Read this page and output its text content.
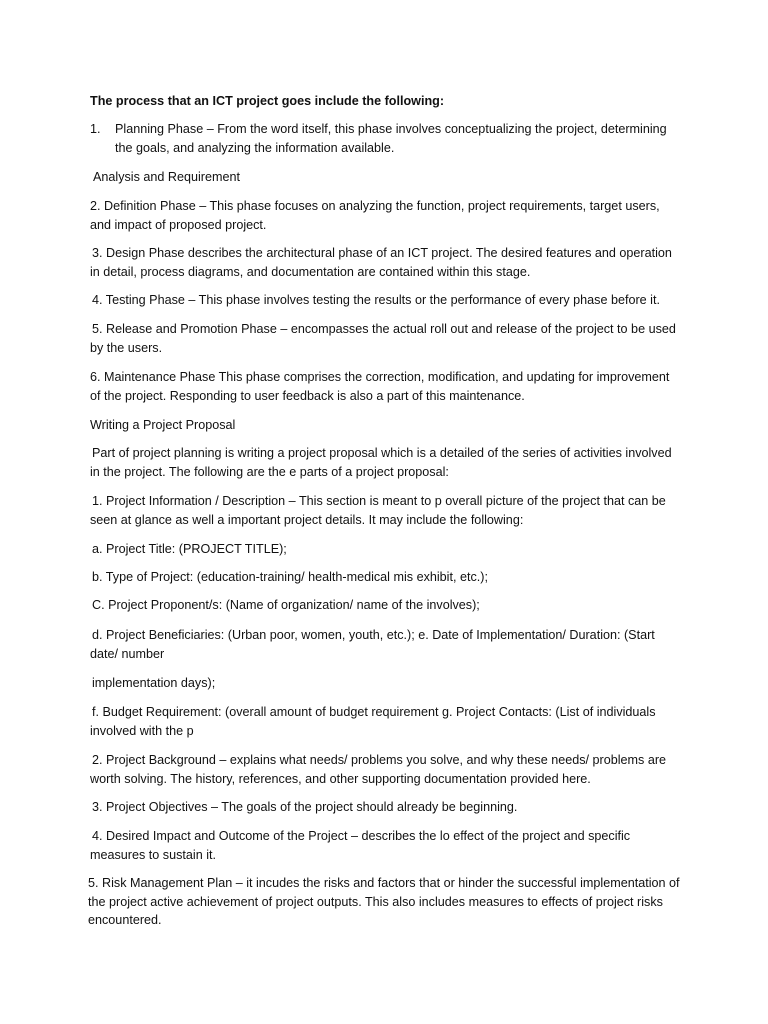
The process that an ICT project goes include the following:

1. Planning Phase – From the word itself, this phase involves conceptualizing the project, determining the goals, and analyzing the information available.

Analysis and Requirement

2. Definition Phase – This phase focuses on analyzing the function, project requirements, target users, and impact of proposed project.

3. Design Phase describes the architectural phase of an ICT project. The desired features and operation in detail, process diagrams, and documentation are contained within this stage.

4. Testing Phase – This phase involves testing the results or the performance of every phase before it.

5. Release and Promotion Phase – encompasses the actual roll out and release of the project to be used by the users.

6. Maintenance Phase This phase comprises the correction, modification, and updating for improvement of the project. Responding to user feedback is also a part of this maintenance.

Writing a Project Proposal

Part of project planning is writing a project proposal which is a detailed of the series of activities involved in the project. The following are the e parts of a project proposal:

1. Project Information / Description – This section is meant to p overall picture of the project that can be seen at glance as well a important project details. It may include the following:

a. Project Title: (PROJECT TITLE);

b. Type of Project: (education-training/ health-medical mis exhibit, etc.);

C. Project Proponent/s: (Name of organization/ name of the involves);

d. Project Beneficiaries: (Urban poor, women, youth, etc.); e. Date of Implementation/ Duration: (Start date/ number

implementation days);

f. Budget Requirement: (overall amount of budget requirement g. Project Contacts: (List of individuals involved with the p

2. Project Background – explains what needs/ problems you solve, and why these needs/ problems are worth solving. The history, references, and other supporting documentation provided here.

3. Project Objectives – The goals of the project should already be beginning.

4. Desired Impact and Outcome of the Project – describes the lo effect of the project and specific measures to sustain it.

5. Risk Management Plan – it incudes the risks and factors that or hinder the successful implementation of the project active achievement of project outputs. This also includes measures to effects of project risks encountered.
